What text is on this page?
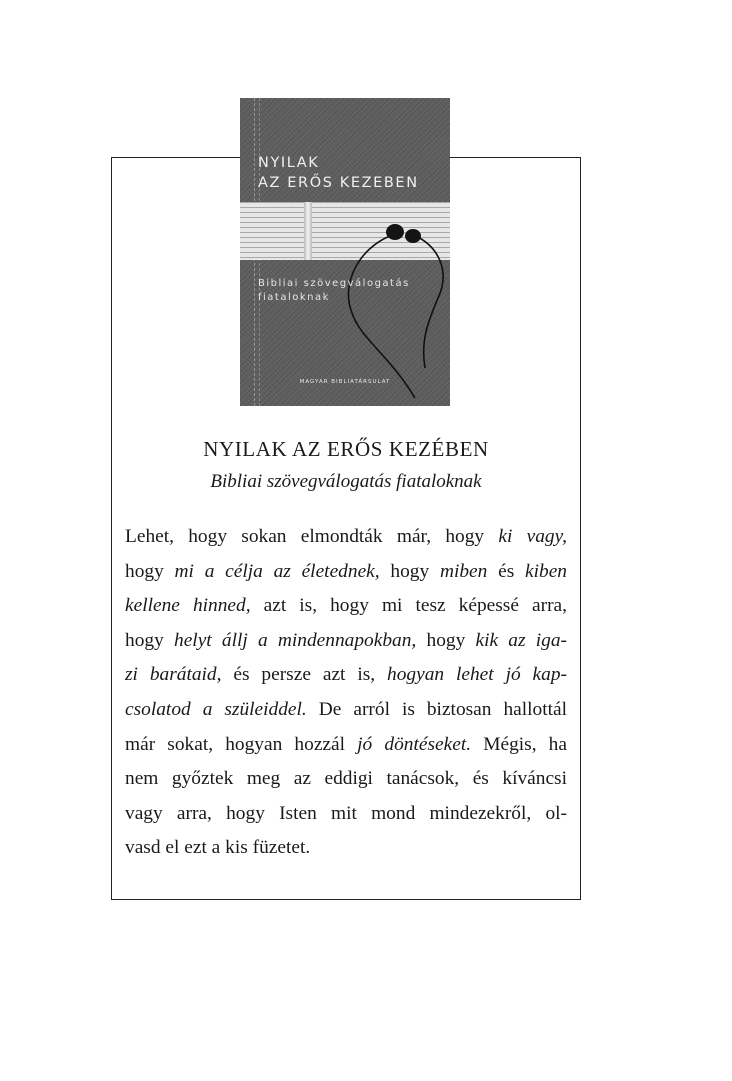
NYILAK
AZ ERŐS KEZEBEN
Bibliai szövegválogatás
fiataloknak
MAGYAR BIBLIATÁRSULAT
NYILAK AZ ERŐS KEZÉBEN
Bibliai szövegválogatás fiataloknak
Lehet, hogy sokan elmondták már, hogy ki vagy,
hogy mi a célja az életednek, hogy miben és kiben
kellene hinned, azt is, hogy mi tesz képessé arra,
hogy helyt állj a mindennapokban, hogy kik az iga-
zi barátaid, és persze azt is, hogyan lehet jó kap-
csolatod a szüleiddel. De arról is biztosan hallottál
már sokat, hogyan hozzál jó döntéseket. Mégis, ha
nem győztek meg az eddigi tanácsok, és kíváncsi
vagy arra, hogy Isten mit mond mindezekről, ol-
vasd el ezt a kis füzetet.
